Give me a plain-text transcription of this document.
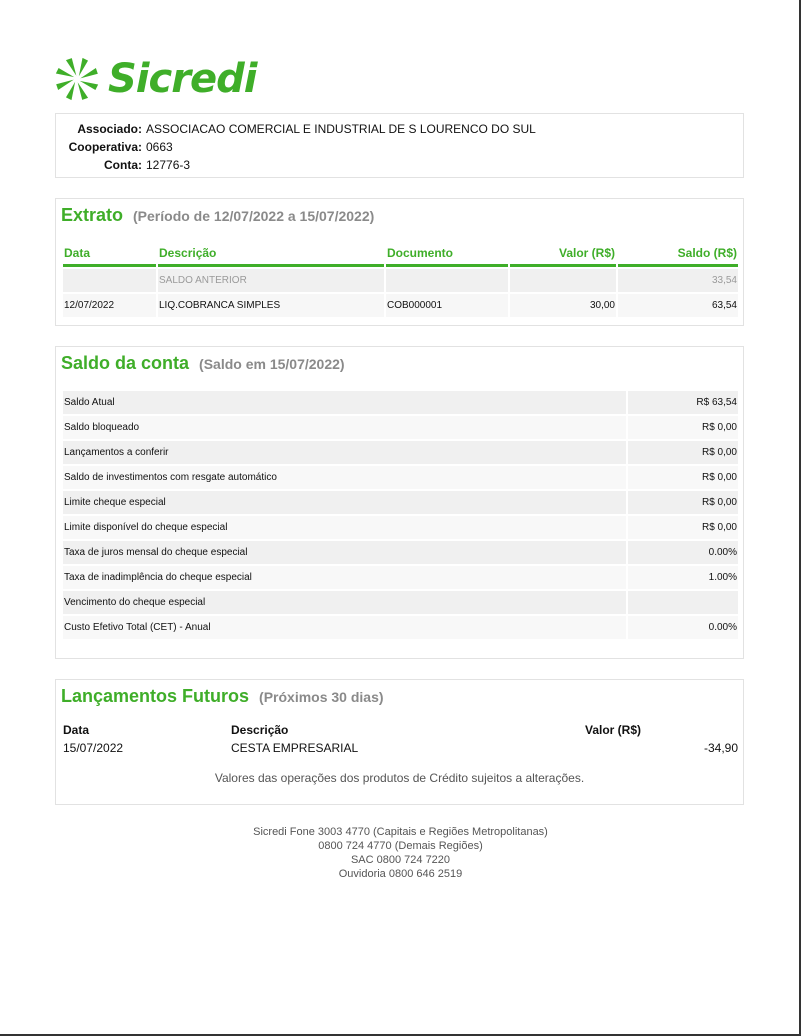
Sicredi
Associado: ASSOCIACAO COMERCIAL E INDUSTRIAL DE S LOURENCO DO SUL
Cooperativa: 0663
Conta: 12776-3
Extrato (Período de 12/07/2022 a 15/07/2022)
Data	Descrição	Documento	Valor (R$)	Saldo (R$)
	SALDO ANTERIOR			33,54
12/07/2022	LIQ.COBRANCA SIMPLES	COB000001	30,00	63,54
Saldo da conta (Saldo em 15/07/2022)
Saldo Atual	R$ 63,54
Saldo bloqueado	R$ 0,00
Lançamentos a conferir	R$ 0,00
Saldo de investimentos com resgate automático	R$ 0,00
Limite cheque especial	R$ 0,00
Limite disponível do cheque especial	R$ 0,00
Taxa de juros mensal do cheque especial	0.00%
Taxa de inadimplência do cheque especial	1.00%
Vencimento do cheque especial	
Custo Efetivo Total (CET) - Anual	0.00%
Lançamentos Futuros (Próximos 30 dias)
Data	Descrição	Valor (R$)
15/07/2022	CESTA EMPRESARIAL	-34,90
Valores das operações dos produtos de Crédito sujeitos a alterações.
Sicredi Fone 3003 4770 (Capitais e Regiões Metropolitanas)
0800 724 4770 (Demais Regiões)
SAC 0800 724 7220
Ouvidoria 0800 646 2519
